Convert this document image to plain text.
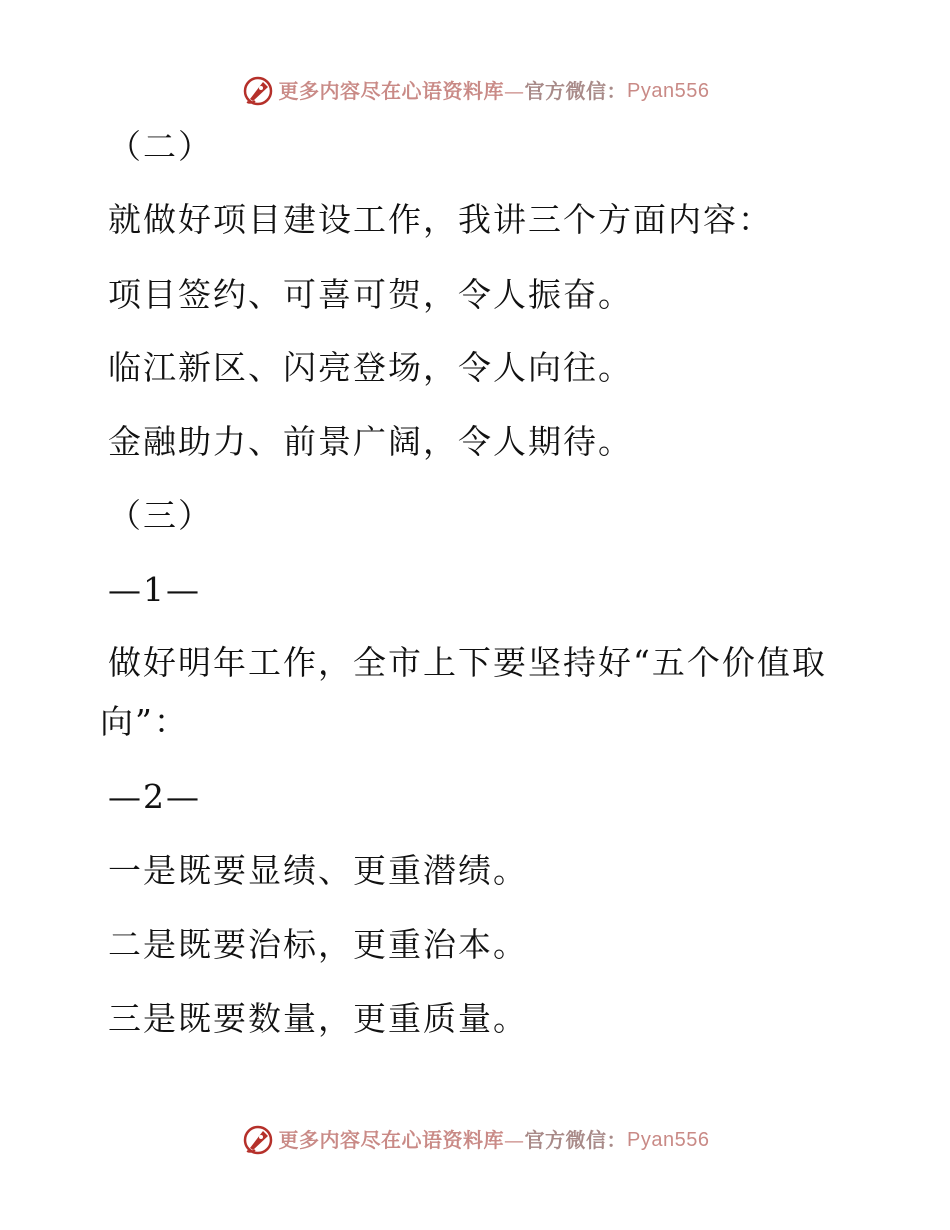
更多内容尽在心语资料库 — 官方微信： Pyan556
（二）
就做好项目建设工作，我讲三个方面内容：
项目签约、可喜可贺，令人振奋。
临江新区、闪亮登场，令人向往。
金融助力、前景广阔，令人期待。
（三）
—1—
做好明年工作，全市上下要坚持好“五个价值取
向”：
—2—
一是既要显绩、更重潜绩。
二是既要治标，更重治本。
三是既要数量，更重质量。
更多内容尽在心语资料库 — 官方微信： Pyan556
